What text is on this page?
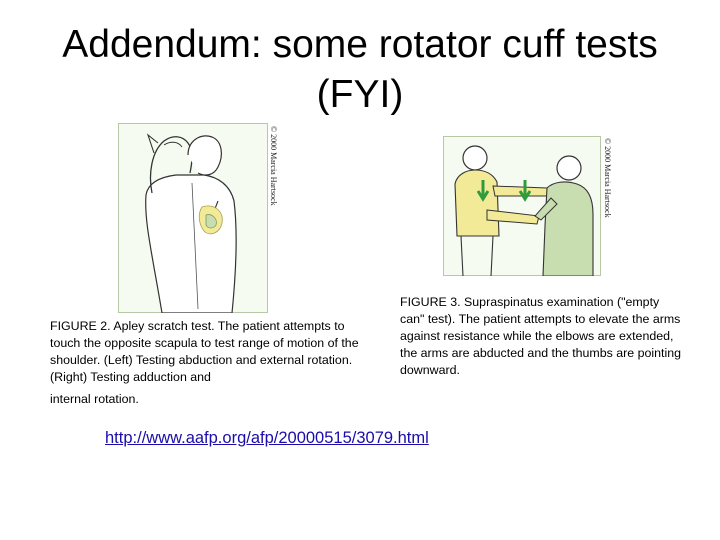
Addendum: some rotator cuff tests
(FYI)
© 2000 Marcia Hartsock	© 2000 Marcia Hartsock
FIGURE 2. Apley scratch test. The patient attempts to touch the opposite scapula to test range of motion of the shoulder. (Left) Testing abduction and external rotation. (Right) Testing adduction and
internal rotation.
FIGURE 3. Supraspinatus examination ("empty can" test). The patient attempts to elevate the arms against resistance while the elbows are extended, the arms are abducted and the thumbs are pointing downward.
http://www.aafp.org/afp/20000515/3079.html
